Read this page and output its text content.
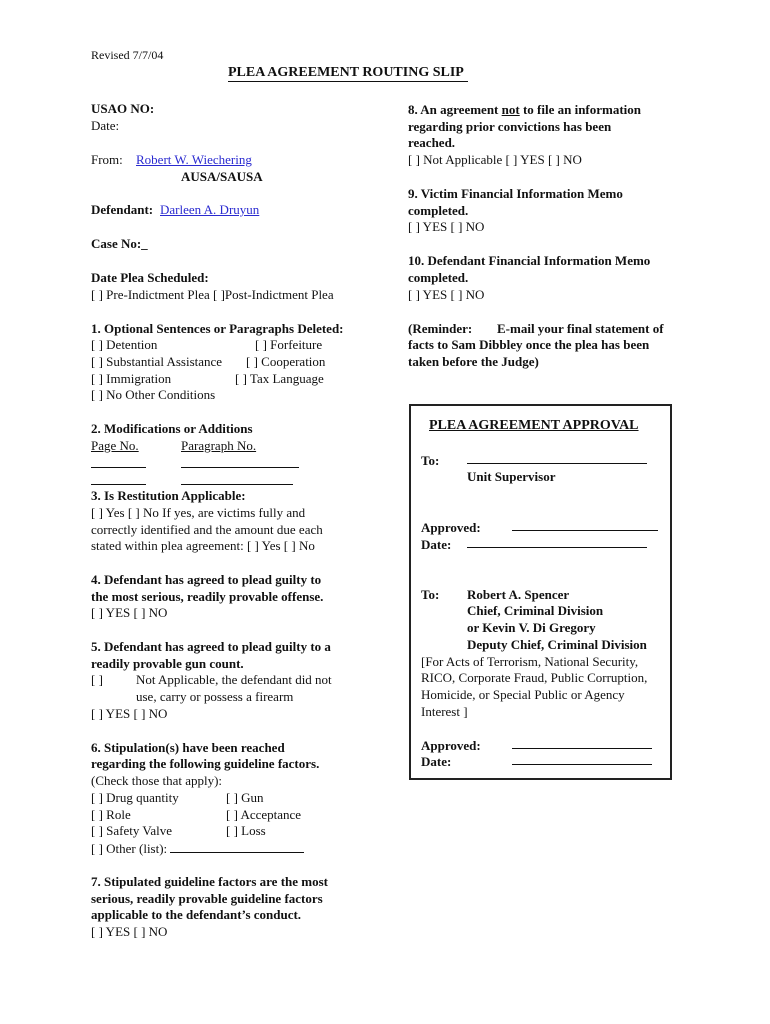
Revised 7/7/04
PLEA AGREEMENT ROUTING SLIP
USAO NO:
Date:
From: Robert W. Wiechering
AUSA/SAUSA
Defendant: Darleen A. Druyun
Case No:_
Date Plea Scheduled:
[ ] Pre-Indictment Plea [ ]Post-Indictment Plea
1. Optional Sentences or Paragraphs Deleted:
[ ] Detention	[ ] Forfeiture
[ ] Substantial Assistance [ ] Cooperation
[ ] Immigration	[ ] Tax Language
[ ] No Other Conditions
2. Modifications or Additions
Page No.	Paragraph No.
3. Is Restitution Applicable:
[ ] Yes [ ] No If yes, are victims fully and
correctly identified and the amount due each
stated within plea agreement: [ ] Yes [ ] No
4. Defendant has agreed to plead guilty to
the most serious, readily provable offense.
[ ] YES [ ] NO
5. Defendant has agreed to plead guilty to a
readily provable gun count.
[ ]	Not Applicable, the defendant did not
use, carry or possess a firearm
[ ] YES [ ] NO
6. Stipulation(s) have been reached
regarding the following guideline factors.
(Check those that apply):
[ ] Drug quantity	[ ] Gun
[ ] Role	[ ] Acceptance
[ ] Safety Valve	[ ] Loss
[ ] Other (list):
7. Stipulated guideline factors are the most
serious, readily provable guideline factors
applicable to the defendant’s conduct.
[ ] YES [ ] NO
8. An agreement not to file an information
regarding prior convictions has been
reached.
[ ] Not Applicable [ ] YES [ ] NO
9. Victim Financial Information Memo
completed.
[ ] YES [ ] NO
10. Defendant Financial Information Memo
completed.
[ ] YES [ ] NO
(Reminder: E-mail your final statement of
facts to Sam Dibbley once the plea has been
taken before the Judge)
PLEA AGREEMENT APPROVAL
To:
Unit Supervisor
Approved:
Date:
To: Robert A. Spencer
Chief, Criminal Division
or Kevin V. Di Gregory
Deputy Chief, Criminal Division
[For Acts of Terrorism, National Security,
RICO, Corporate Fraud, Public Corruption,
Homicide, or Special Public or Agency
Interest ]
Approved:
Date:
